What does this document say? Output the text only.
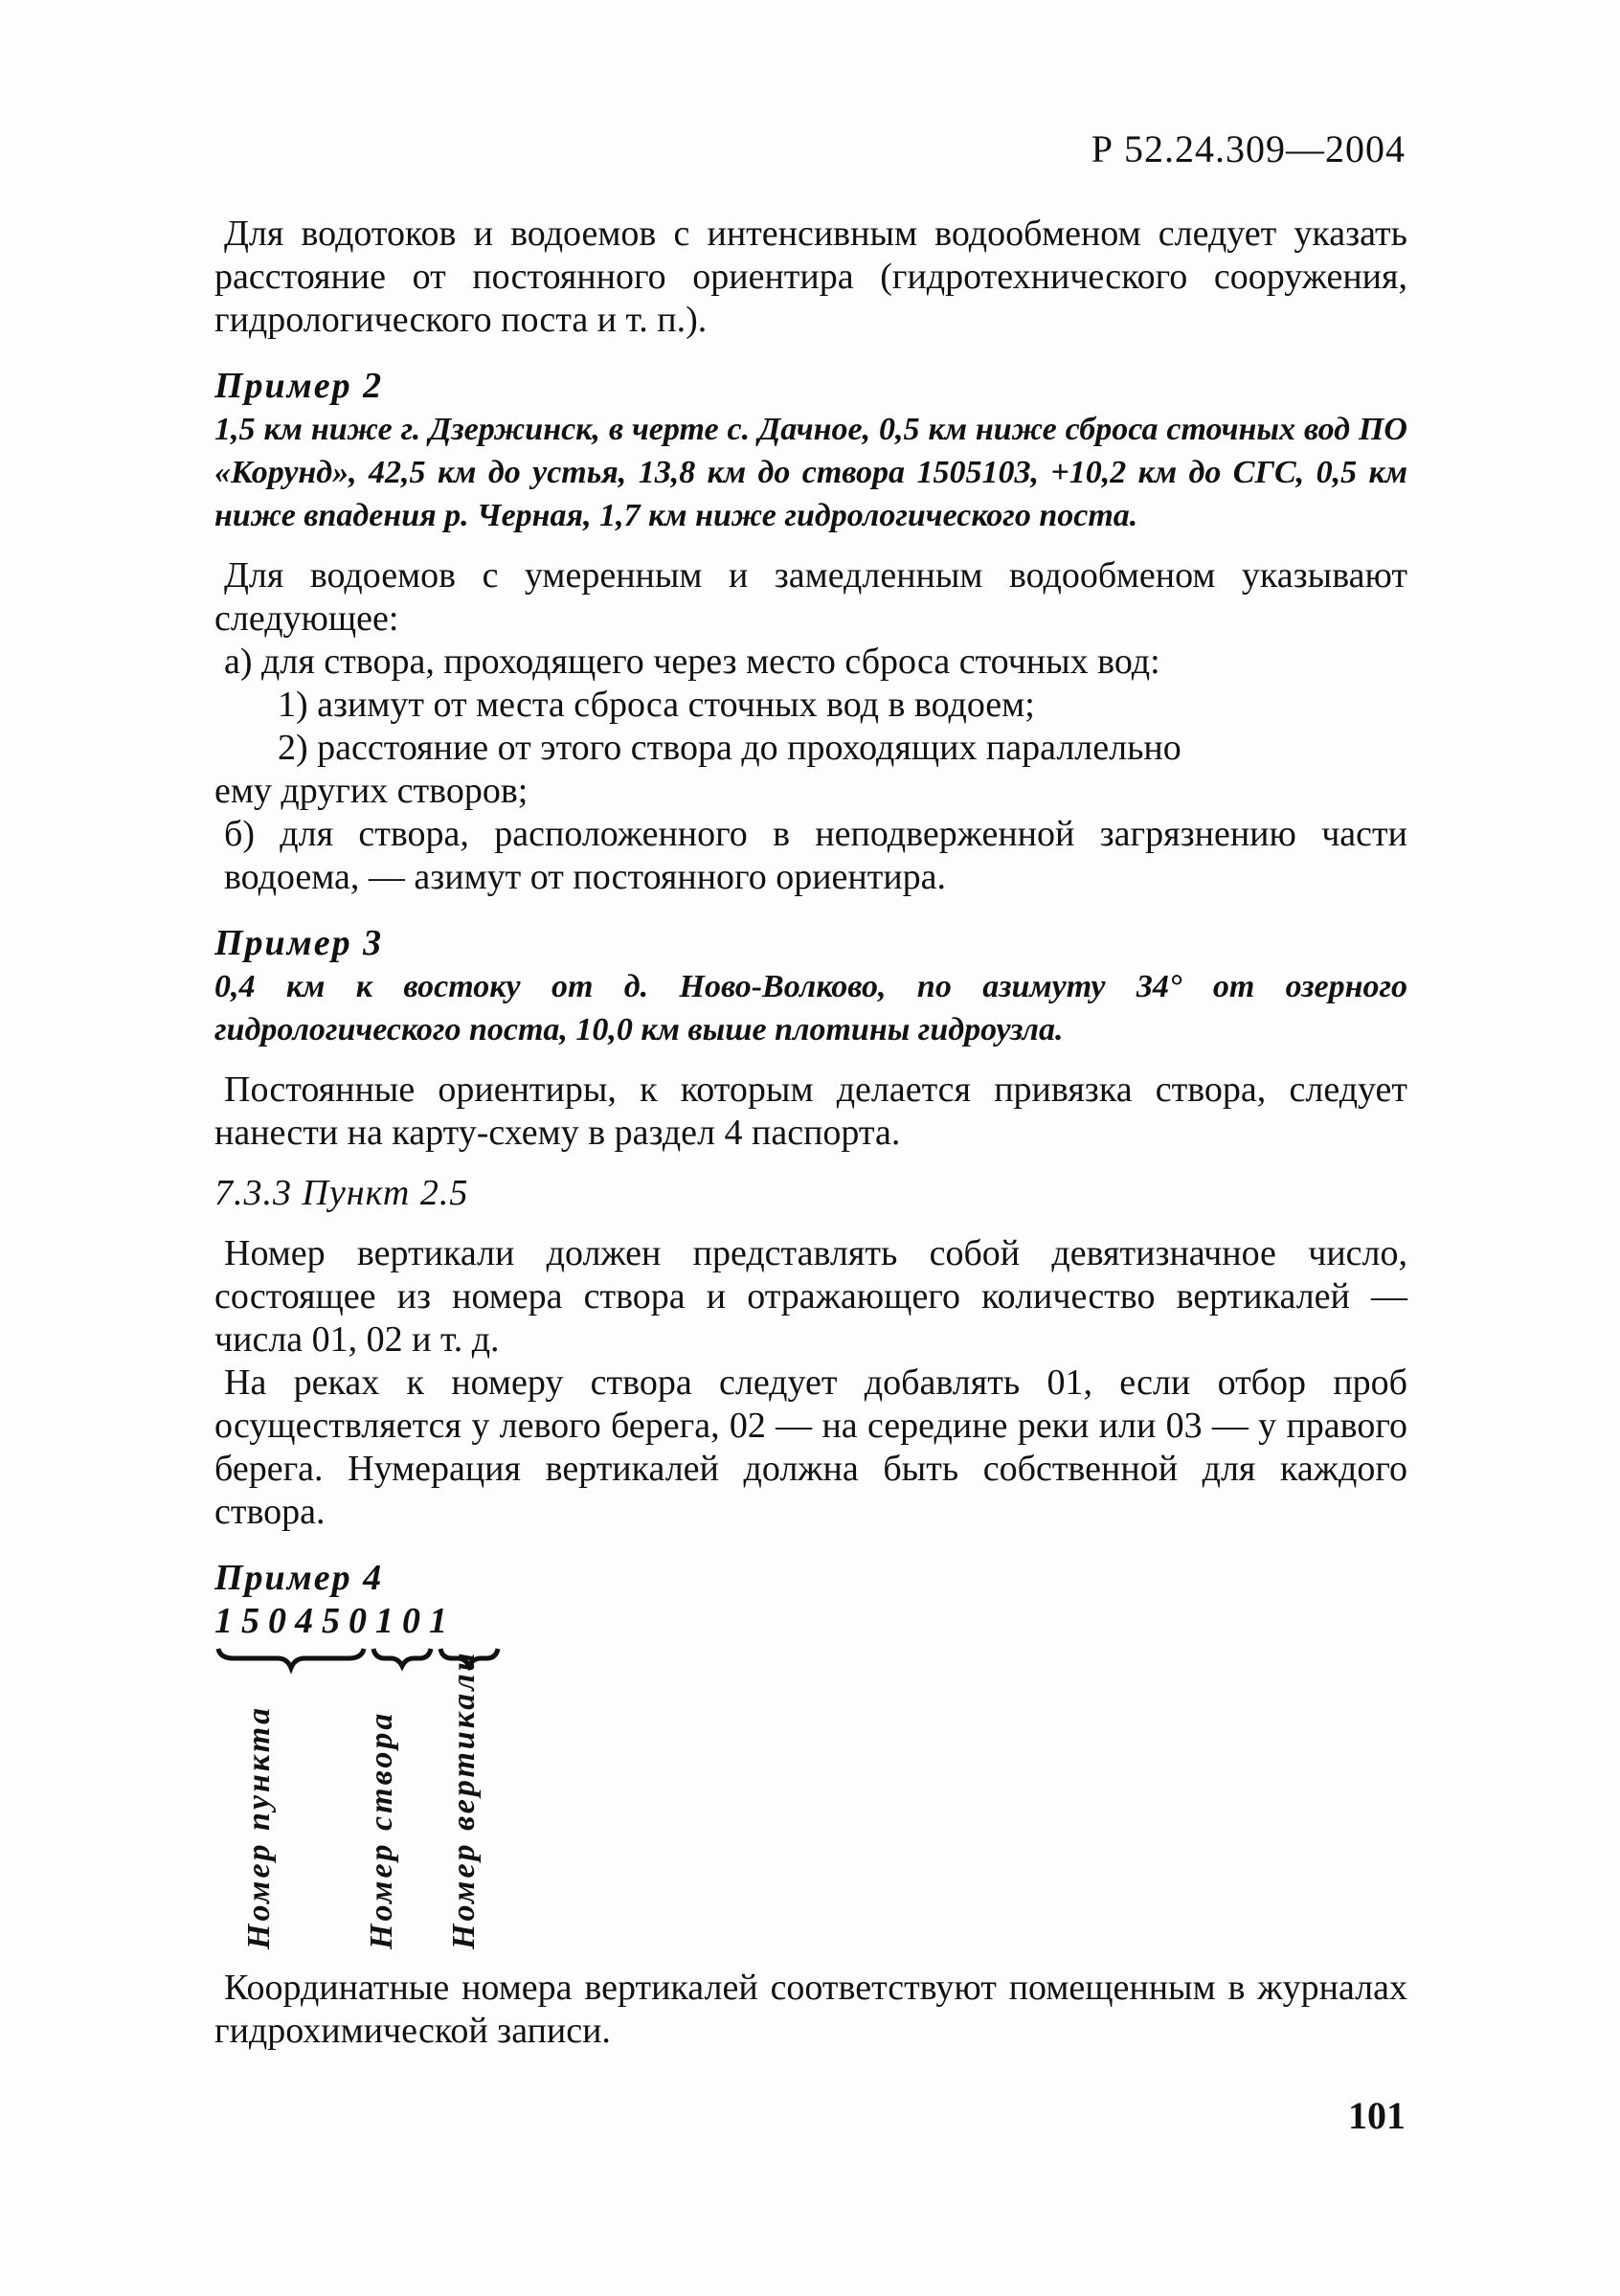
Р 52.24.309—2004

Для водотоков и водоемов с интенсивным водообменом следует указать расстояние от постоянного ориентира (гидротехнического сооружения, гидрологического поста и т. п.).

Пример 2

1,5 км ниже г. Дзержинск, в черте с. Дачное, 0,5 км ниже сброса сточных вод ПО «Корунд», 42,5 км до устья, 13,8 км до створа 1505103, +10,2 км до СГС, 0,5 км ниже впадения р. Черная, 1,7 км ниже гидрологического поста.

Для водоемов с умеренным и замедленным водообменом указывают следующее:

а) для створа, проходящего через место сброса сточных вод:

1) азимут от места сброса сточных вод в водоем;

2) расстояние от этого створа до проходящих параллельно

ему других створов;

б) для створа, расположенного в неподверженной загрязнению части водоема, — азимут от постоянного ориентира.

Пример 3

0,4 км к востоку от д. Ново-Волково, по азимуту 34° от озерного гидрологического поста, 10,0 км выше плотины гидроузла.

Постоянные ориентиры, к которым делается привязка створа, следует нанести на карту-схему в раздел 4 паспорта.

7.3.3 Пункт 2.5

Номер вертикали должен представлять собой девятизначное число, состоящее из номера створа и отражающего количество вертикалей — числа 01, 02 и т. д.

На реках к номеру створа следует добавлять 01, если отбор проб осуществляется у левого берега, 02 — на середине реки или 03 — у правого берега. Нумерация вертикалей должна быть собственной для каждого створа.

Пример 4

150450101

Номер пункта	Номер створа Номер вертикали

Координатные номера вертикалей соответствуют помещенным в журналах гидрохимической записи.

101
